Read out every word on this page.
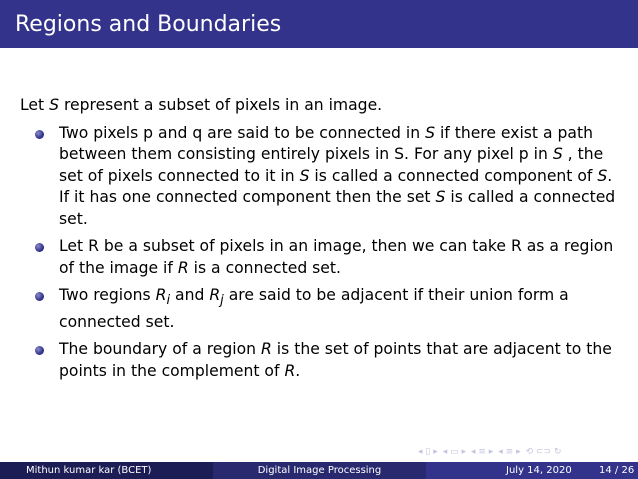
Regions and Boundaries

Let S represent a subset of pixels in an image.

Two pixels p and q are said to be connected in S if there exist a path between them consisting entirely pixels in S. For any pixel p in S , the set of pixels connected to it in S is called a connected component of S. If it has one connected component then the set S is called a connected set.
Let R be a subset of pixels in an image, then we can take R as a region of the image if R is a connected set.
Two regions $R_i$ and $R_j$ are said to be adjacent if their union form a connected set.
The boundary of a region R is the set of points that are adjacent to the points in the complement of R.
◂ ▯ ▸ ◂ ▭ ▸ ◂ ≡ ▸ ◂ ≡ ▸ ⟲ ⊂⊃ ↻
Mithun kumar kar (BCET)	Digital Image Processing	July 14, 2020	14 / 26
